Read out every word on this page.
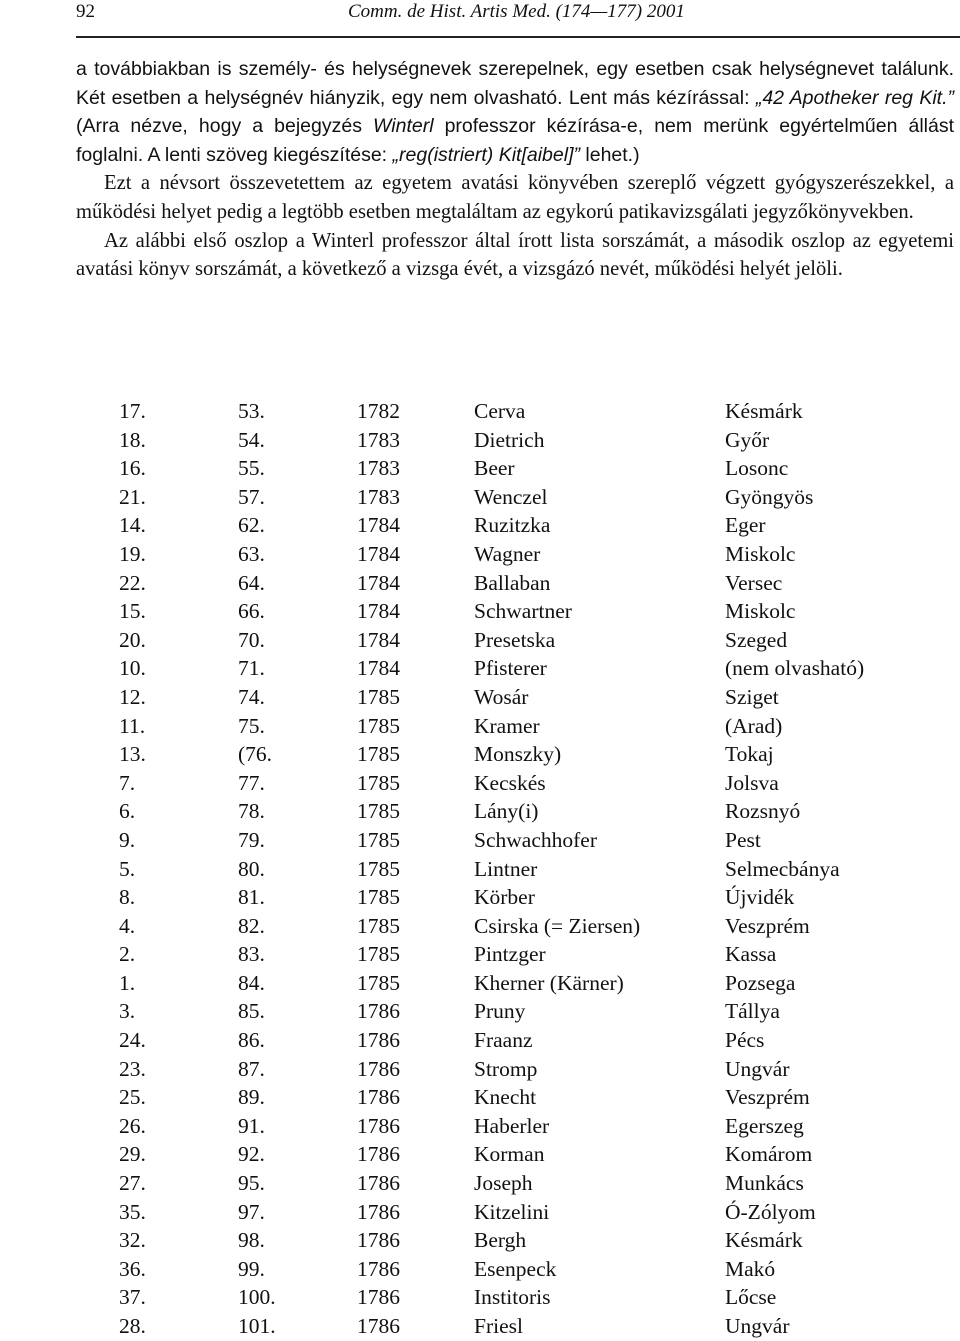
92	Comm. de Hist. Artis Med. (174—177) 2001

a továbbiakban is személy- és helységnevek szerepelnek, egy esetben csak helységnevet találunk. Két esetben a helységnév hiányzik, egy nem olvasható. Lent más kézírással: „42 Apotheker reg Kit.” (Arra nézve, hogy a bejegyzés Winterl professzor kézírása-e, nem merünk egyértelműen állást foglalni. A lenti szöveg kiegészítése: „reg(istriert) Kit[aibel]” lehet.)

Ezt a névsort összevetettem az egyetem avatási könyvében szereplő végzett gyógyszerészekkel, a működési helyet pedig a legtöbb esetben megtaláltam az egykorú patikavizsgálati jegyzőkönyvekben.

Az alábbi első oszlop a Winterl professzor által írott lista sorszámát, a második oszlop az egyetemi avatási könyv sorszámát, a következő a vizsga évét, a vizsgázó nevét, működési helyét jelöli.

17.	53.	1782	Cerva	Késmárk
18.	54.	1783	Dietrich	Győr
16.	55.	1783	Beer	Losonc
21.	57.	1783	Wenczel	Gyöngyös
14.	62.	1784	Ruzitzka	Eger
19.	63.	1784	Wagner	Miskolc
22.	64.	1784	Ballaban	Versec
15.	66.	1784	Schwartner	Miskolc
20.	70.	1784	Presetska	Szeged
10.	71.	1784	Pfisterer	(nem olvasható)
12.	74.	1785	Wosár	Sziget
11.	75.	1785	Kramer	(Arad)
13.	(76.	1785	Monszky)	Tokaj
7.	77.	1785	Kecskés	Jolsva
6.	78.	1785	Lány(i)	Rozsnyó
9.	79.	1785	Schwachhofer	Pest
5.	80.	1785	Lintner	Selmecbánya
8.	81.	1785	Körber	Újvidék
4.	82.	1785	Csirska (= Ziersen)	Veszprém
2.	83.	1785	Pintzger	Kassa
1.	84.	1785	Kherner (Kärner)	Pozsega
3.	85.	1786	Pruny	Tállya
24.	86.	1786	Fraanz	Pécs
23.	87.	1786	Stromp	Ungvár
25.	89.	1786	Knecht	Veszprém
26.	91.	1786	Haberler	Egerszeg
29.	92.	1786	Korman	Komárom
27.	95.	1786	Joseph	Munkács
35.	97.	1786	Kitzelini	Ó-Zólyom
32.	98.	1786	Bergh	Késmárk
36.	99.	1786	Esenpeck	Makó
37.	100.	1786	Institoris	Lőcse
28.	101.	1786	Friesl	Ungvár
